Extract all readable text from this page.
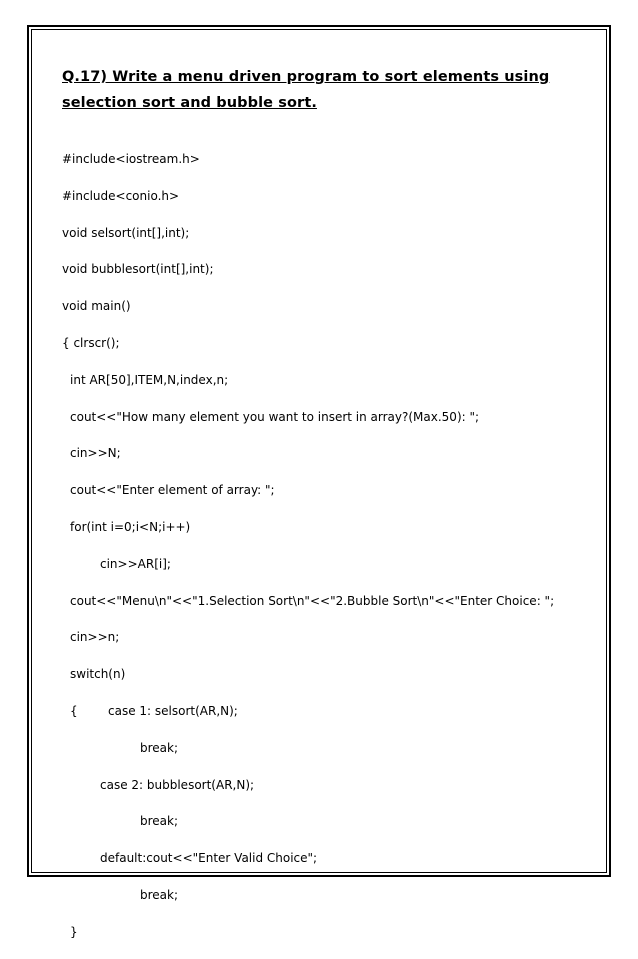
Q.17) Write a menu driven program to sort elements using selection sort and bubble sort.
#include<iostream.h>
#include<conio.h>
void selsort(int[],int);
void bubblesort(int[],int);
void main()
{ clrscr();
int AR[50],ITEM,N,index,n;
cout<<"How many element you want to insert in array?(Max.50): ";
cin>>N;
cout<<"Enter element of array: ";
for(int i=0;i<N;i++)
cin>>AR[i];
cout<<"Menu\n"<<"1.Selection Sort\n"<<"2.Bubble Sort\n"<<"Enter Choice: ";
cin>>n;
switch(n)
{	case 1: selsort(AR,N);
break;
case 2: bubblesort(AR,N);
break;
default:cout<<"Enter Valid Choice";
break;
}
